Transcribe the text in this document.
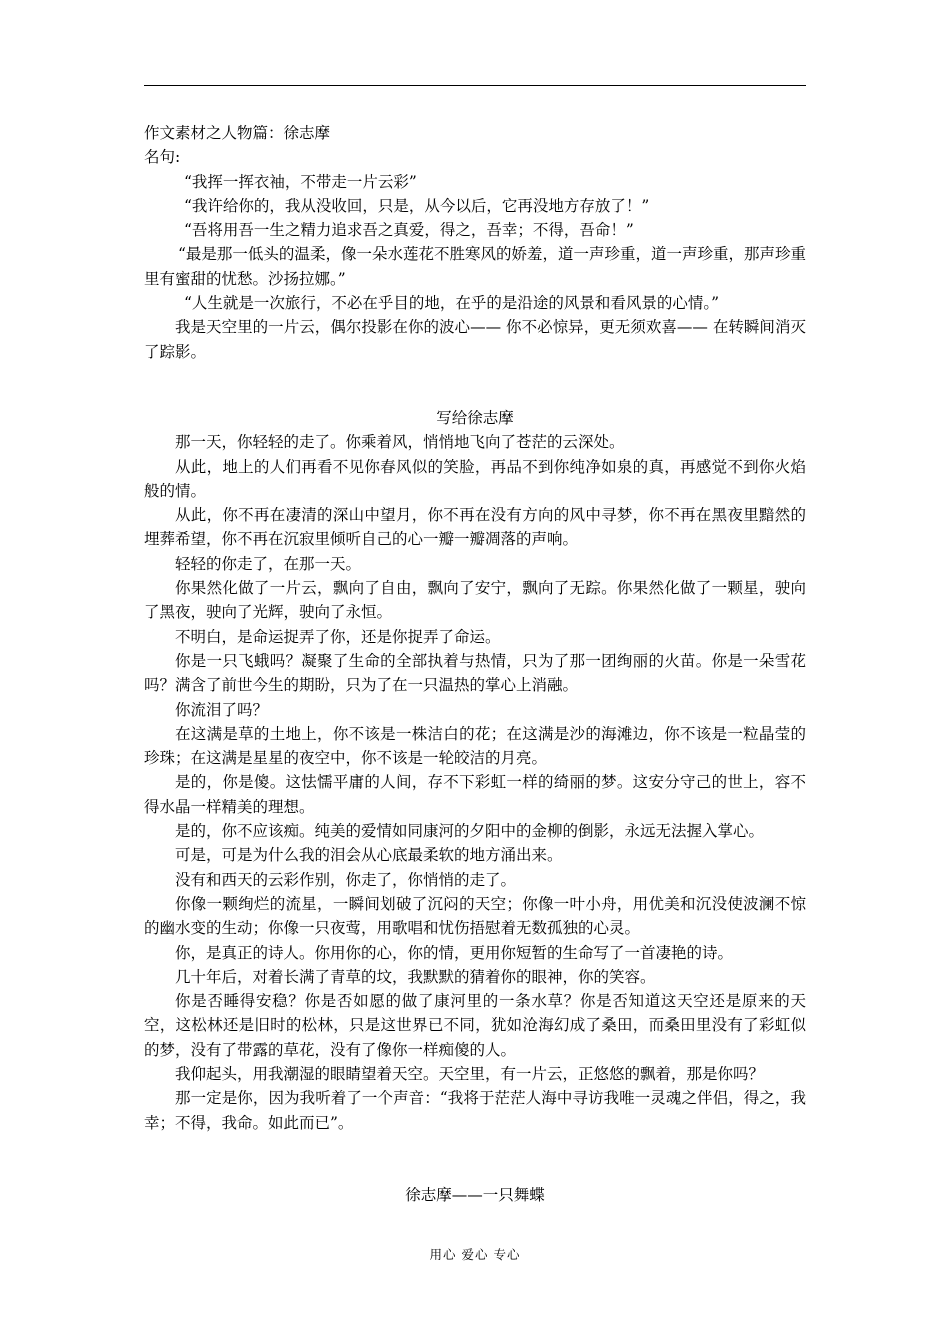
作文素材之人物篇：徐志摩

名句:

“我挥一挥衣袖，不带走一片云彩”

“我许给你的，我从没收回，只是，从今以后，它再没地方存放了！”

“吾将用吾一生之精力追求吾之真爱，得之，吾幸；不得，吾命！”

“最是那一低头的温柔，像一朵水莲花不胜寒风的娇羞，道一声珍重，道一声珍重，那声珍重里有蜜甜的忧愁。沙扬拉娜。”

“人生就是一次旅行，不必在乎目的地，在乎的是沿途的风景和看风景的心情。”

我是天空里的一片云，偶尔投影在你的波心—— 你不必惊异，更无须欢喜—— 在转瞬间消灭了踪影。

写给徐志摩

那一天，你轻轻的走了。你乘着风，悄悄地飞向了苍茫的云深处。

从此，地上的人们再看不见你春风似的笑脸，再品不到你纯净如泉的真，再感觉不到你火焰般的情。

从此，你不再在凄清的深山中望月，你不再在没有方向的风中寻梦，你不再在黑夜里黯然的埋葬希望，你不再在沉寂里倾听自己的心一瓣一瓣凋落的声响。

轻轻的你走了，在那一天。

你果然化做了一片云，飘向了自由，飘向了安宁，飘向了无踪。你果然化做了一颗星，驶向了黑夜，驶向了光辉，驶向了永恒。

不明白，是命运捉弄了你，还是你捉弄了命运。

你是一只飞蛾吗？凝聚了生命的全部执着与热情，只为了那一团绚丽的火苗。你是一朵雪花吗？满含了前世今生的期盼，只为了在一只温热的掌心上消融。

你流泪了吗？

在这满是草的土地上，你不该是一株洁白的花；在这满是沙的海滩边，你不该是一粒晶莹的珍珠；在这满是星星的夜空中，你不该是一轮皎洁的月亮。

是的，你是傻。这怯懦平庸的人间，存不下彩虹一样的绮丽的梦。这安分守己的世上，容不得水晶一样精美的理想。

是的，你不应该痴。纯美的爱情如同康河的夕阳中的金柳的倒影，永远无法握入掌心。

可是，可是为什么我的泪会从心底最柔软的地方涌出来。

没有和西天的云彩作别，你走了，你悄悄的走了。

你像一颗绚烂的流星，一瞬间划破了沉闷的天空；你像一叶小舟，用优美和沉没使波澜不惊的幽水变的生动；你像一只夜莺，用歌唱和忧伤捂慰着无数孤独的心灵。

你，是真正的诗人。你用你的心，你的情，更用你短暂的生命写了一首凄艳的诗。

几十年后，对着长满了青草的坟，我默默的猜着你的眼神，你的笑容。

你是否睡得安稳？你是否如愿的做了康河里的一条水草？你是否知道这天空还是原来的天空，这松林还是旧时的松林，只是这世界已不同，犹如沧海幻成了桑田，而桑田里没有了彩虹似的梦，没有了带露的草花，没有了像你一样痴傻的人。

我仰起头，用我潮湿的眼睛望着天空。天空里，有一片云，正悠悠的飘着，那是你吗？

那一定是你，因为我听着了一个声音：“我将于茫茫人海中寻访我唯一灵魂之伴侣，得之，我幸；不得，我命。如此而已”。

徐志摩——一只舞蝶

用心 爱心 专心
